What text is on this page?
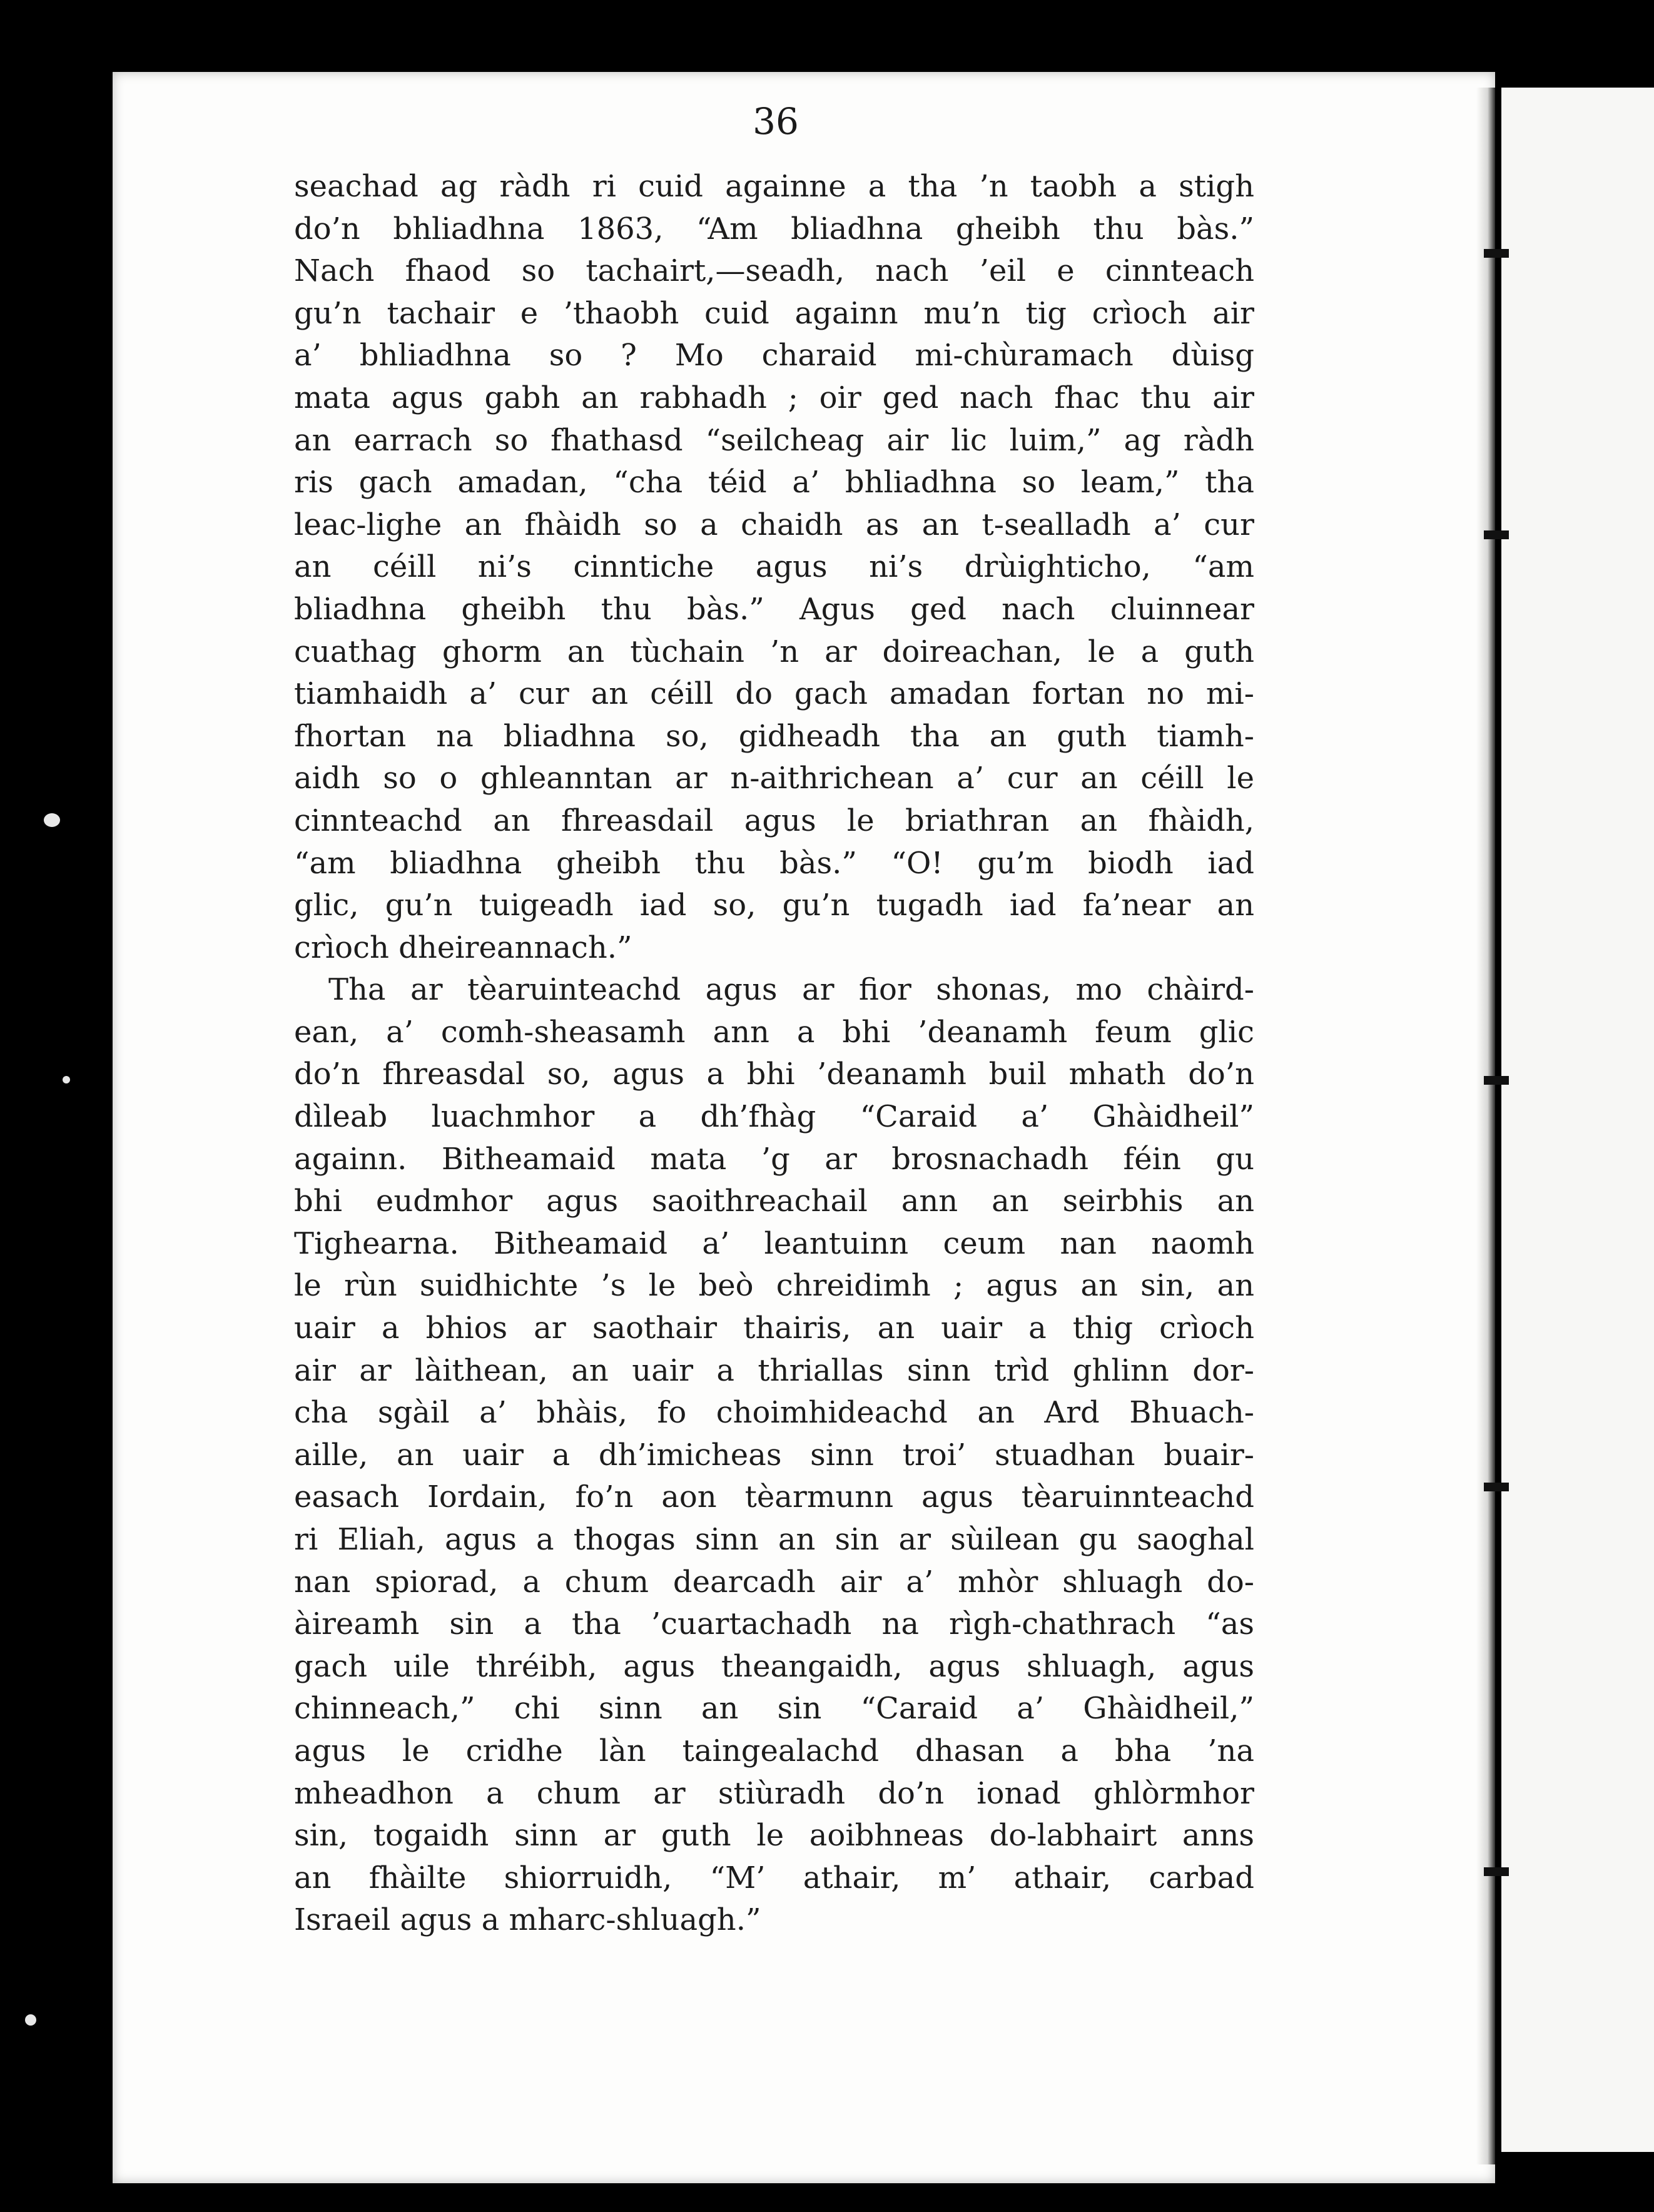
36
seachad ag ràdh ri cuid againne a tha ’n taobh a stigh
do’n bhliadhna 1863, “Am bliadhna gheibh thu bàs.”
Nach fhaod so tachairt,—seadh, nach ’eil e cinnteach
gu’n tachair e ’thaobh cuid againn mu’n tig crìoch air
a’ bhliadhna so ? Mo charaid mi-chùramach dùisg
mata agus gabh an rabhadh ; oir ged nach fhac thu air
an earrach so fhathasd “seilcheag air lic luim,” ag ràdh
ris gach amadan, “cha téid a’ bhliadhna so leam,” tha
leac-lighe an fhàidh so a chaidh as an t-sealladh a’ cur
an céill ni’s cinntiche agus ni’s drùighticho, “am
bliadhna gheibh thu bàs.” Agus ged nach cluinnear
cuathag ghorm an tùchain ’n ar doireachan, le a guth
tiamhaidh a’ cur an céill do gach amadan fortan no mi-
fhortan na bliadhna so, gidheadh tha an guth tiamh-
aidh so o ghleanntan ar n-aithrichean a’ cur an céill le
cinnteachd an fhreasdail agus le briathran an fhàidh,
“am bliadhna gheibh thu bàs.” “O! gu’m biodh iad
glic, gu’n tuigeadh iad so, gu’n tugadh iad fa’near an
crìoch dheireannach.”
Tha ar tèaruinteachd agus ar fior shonas, mo chàird-
ean, a’ comh-sheasamh ann a bhi ’deanamh feum glic
do’n fhreasdal so, agus a bhi ’deanamh buil mhath do’n
dìleab luachmhor a dh’fhàg “Caraid a’ Ghàidheil”
againn. Bitheamaid mata ’g ar brosnachadh féin gu
bhi eudmhor agus saoithreachail ann an seirbhis an
Tighearna. Bitheamaid a’ leantuinn ceum nan naomh
le rùn suidhichte ’s le beò chreidimh ; agus an sin, an
uair a bhios ar saothair thairis, an uair a thig crìoch
air ar làithean, an uair a thriallas sinn trìd ghlinn dor-
cha sgàil a’ bhàis, fo choimhideachd an Ard Bhuach-
aille, an uair a dh’imicheas sinn troi’ stuadhan buair-
easach Iordain, fo’n aon tèarmunn agus tèaruinnteachd
ri Eliah, agus a thogas sinn an sin ar sùilean gu saoghal
nan spiorad, a chum dearcadh air a’ mhòr shluagh do-
àireamh sin a tha ’cuartachadh na rìgh-chathrach “as
gach uile thréibh, agus theangaidh, agus shluagh, agus
chinneach,” chi sinn an sin “Caraid a’ Ghàidheil,”
agus le cridhe làn taingealachd dhasan a bha ’na
mheadhon a chum ar stiùradh do’n ionad ghlòrmhor
sin, togaidh sinn ar guth le aoibhneas do-labhairt anns
an fhàilte shiorruidh, “M’ athair, m’ athair, carbad
Israeil agus a mharc-shluagh.”
